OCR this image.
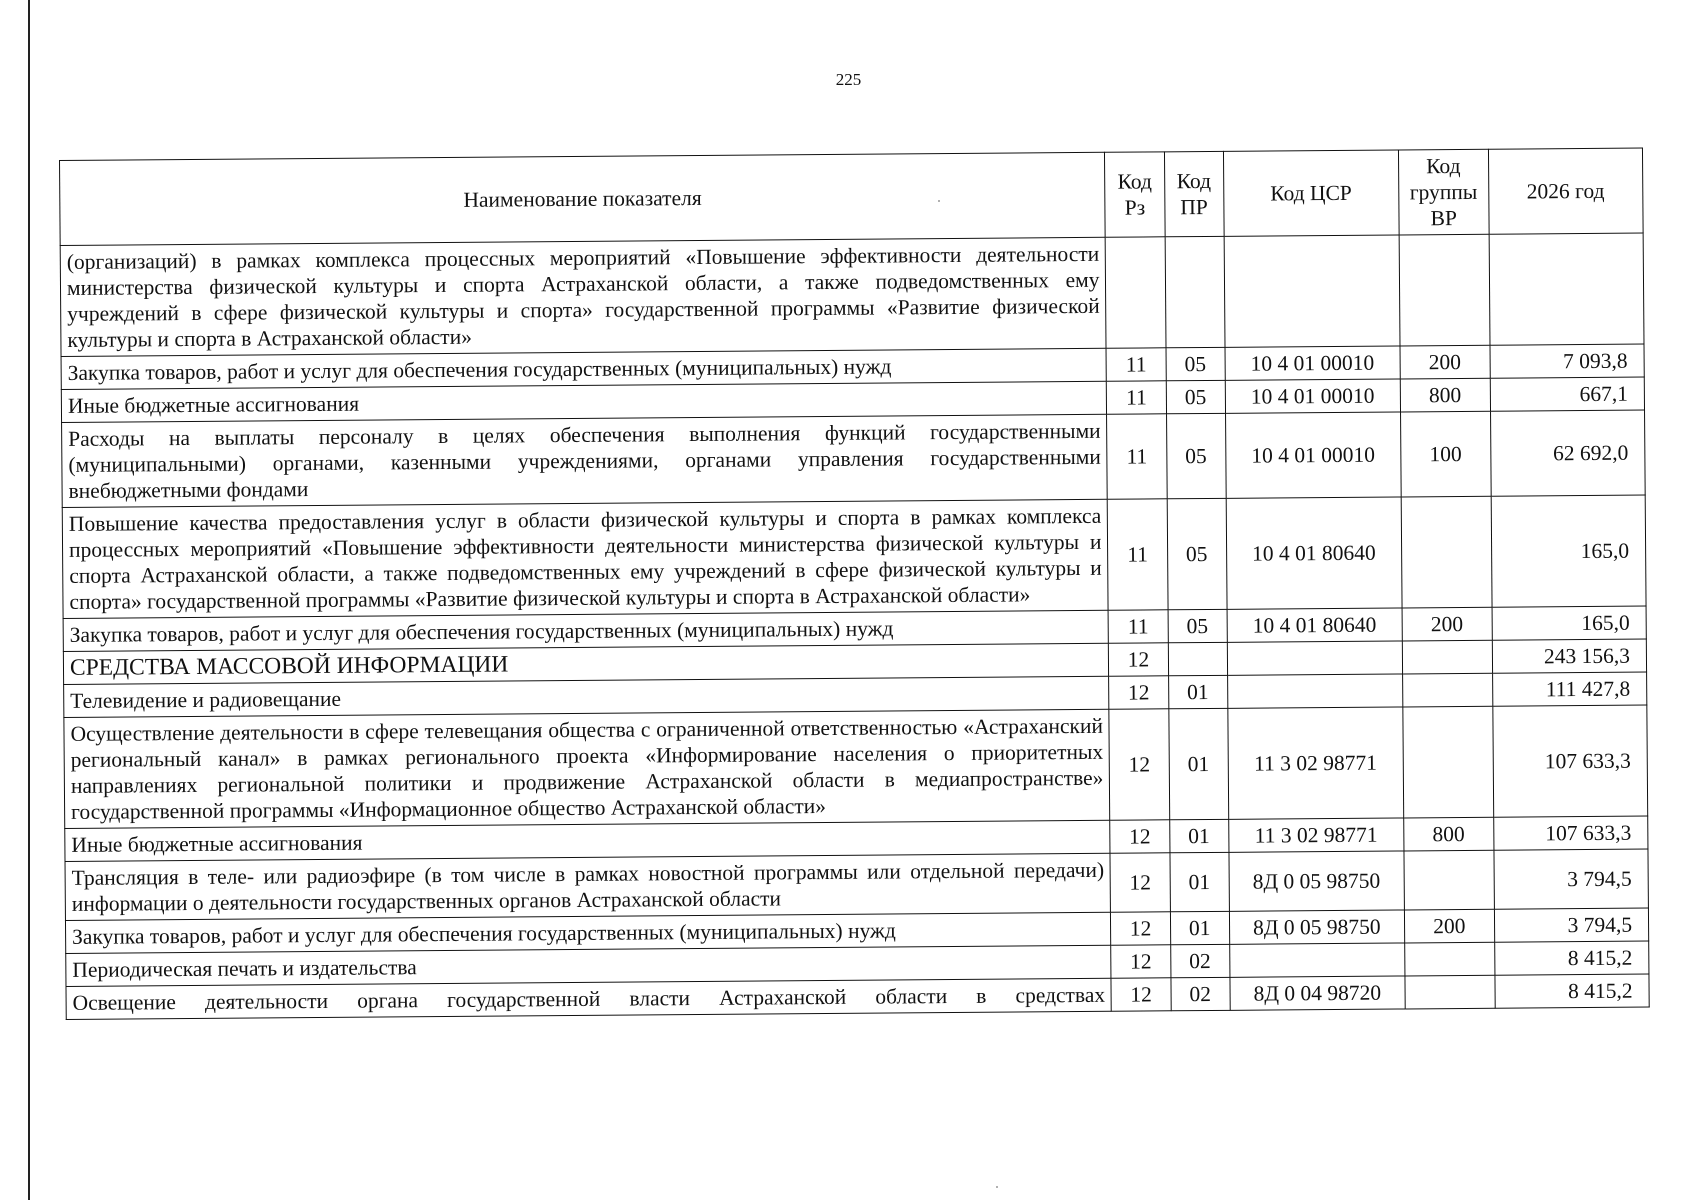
225
Наименование показателя	Код Рз	Код ПР	Код ЦСР	Код группы ВР	2026 год
(организаций) в рамках комплекса процессных мероприятий «Повышение эффективности деятельности министерства физической культуры и спорта Астраханской области, а также подведомственных ему учреждений в сфере физической культуры и спорта» государственной программы «Развитие физической культуры и спорта в Астраханской области»					
Закупка товаров, работ и услуг для обеспечения государственных (муниципальных) нужд	11	05	10 4 01 00010	200	7 093,8
Иные бюджетные ассигнования	11	05	10 4 01 00010	800	667,1
Расходы на выплаты персоналу в целях обеспечения выполнения функций государственными (муниципальными) органами, казенными учреждениями, органами управления государственными внебюджетными фондами	11	05	10 4 01 00010	100	62 692,0
Повышение качества предоставления услуг в области физической культуры и спорта в рамках комплекса процессных мероприятий «Повышение эффективности деятельности министерства физической культуры и спорта Астраханской области, а также подведомственных ему учреждений в сфере физической культуры и спорта» государственной программы «Развитие физической культуры и спорта в Астраханской области»	11	05	10 4 01 80640		165,0
Закупка товаров, работ и услуг для обеспечения государственных (муниципальных) нужд	11	05	10 4 01 80640	200	165,0
СРЕДСТВА МАССОВОЙ ИНФОРМАЦИИ	12				243 156,3
Телевидение и радиовещание	12	01			111 427,8
Осуществление деятельности в сфере телевещания общества с ограниченной ответственностью «Астраханский региональный канал» в рамках регионального проекта «Информирование населения о приоритетных направлениях региональной политики и продвижение Астраханской области в медиапространстве» государственной программы «Информационное общество Астраханской области»	12	01	11 3 02 98771		107 633,3
Иные бюджетные ассигнования	12	01	11 3 02 98771	800	107 633,3
Трансляция в теле- или радиоэфире (в том числе в рамках новостной программы или отдельной передачи) информации о деятельности государственных органов Астраханской области	12	01	8Д 0 05 98750		3 794,5
Закупка товаров, работ и услуг для обеспечения государственных (муниципальных) нужд	12	01	8Д 0 05 98750	200	3 794,5
Периодическая печать и издательства	12	02			8 415,2
Освещение деятельности органа государственной власти Астраханской области в средствах	12	02	8Д 0 04 98720		8 415,2
